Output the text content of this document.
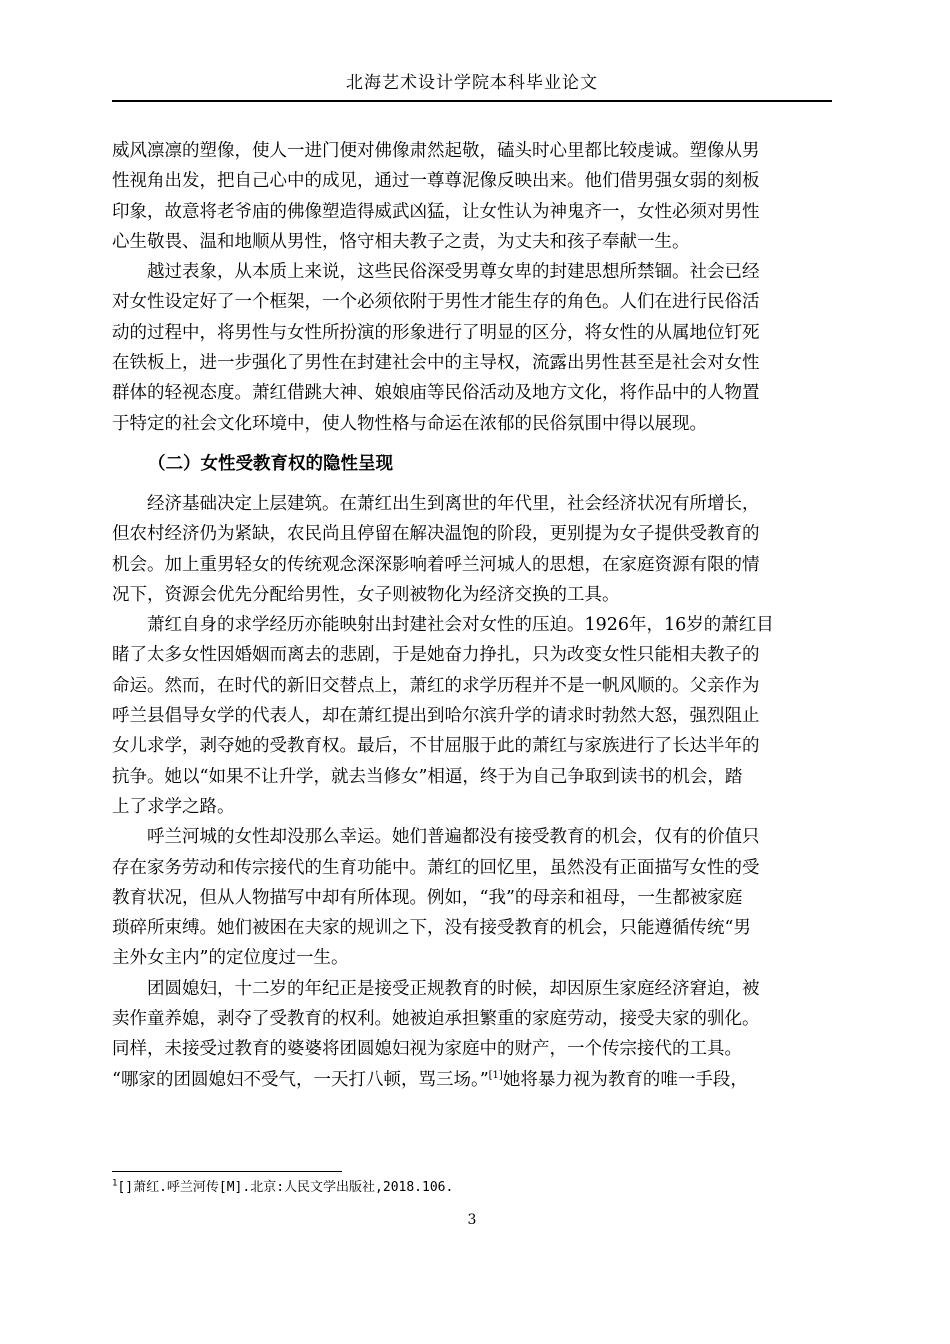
北海艺术设计学院本科毕业论文

威风凛凛的塑像，使人一进门便对佛像肃然起敬，磕头时心里都比较虔诚。塑像从男
性视角出发，把自己心中的成见，通过一尊尊泥像反映出来。他们借男强女弱的刻板
印象，故意将老爷庙的佛像塑造得威武凶猛，让女性认为神鬼齐一，女性必须对男性
心生敬畏、温和地顺从男性，恪守相夫教子之责，为丈夫和孩子奉献一生。

　　越过表象，从本质上来说，这些民俗深受男尊女卑的封建思想所禁锢。社会已经
对女性设定好了一个框架，一个必须依附于男性才能生存的角色。人们在进行民俗活
动的过程中，将男性与女性所扮演的形象进行了明显的区分，将女性的从属地位钉死
在铁板上，进一步强化了男性在封建社会中的主导权，流露出男性甚至是社会对女性
群体的轻视态度。萧红借跳大神、娘娘庙等民俗活动及地方文化，将作品中的人物置
于特定的社会文化环境中，使人物性格与命运在浓郁的民俗氛围中得以展现。

（二）女性受教育权的隐性呈现

　　经济基础决定上层建筑。在萧红出生到离世的年代里，社会经济状况有所增长，
但农村经济仍为紧缺，农民尚且停留在解决温饱的阶段，更别提为女子提供受教育的
机会。加上重男轻女的传统观念深深影响着呼兰河城人的思想，在家庭资源有限的情
况下，资源会优先分配给男性，女子则被物化为经济交换的工具。

　　萧红自身的求学经历亦能映射出封建社会对女性的压迫。1926年，16岁的萧红目
睹了太多女性因婚姻而离去的悲剧，于是她奋力挣扎，只为改变女性只能相夫教子的
命运。然而，在时代的新旧交替点上，萧红的求学历程并不是一帆风顺的。父亲作为
呼兰县倡导女学的代表人，却在萧红提出到哈尔滨升学的请求时勃然大怒，强烈阻止
女儿求学，剥夺她的受教育权。最后，不甘屈服于此的萧红与家族进行了长达半年的
抗争。她以“如果不让升学，就去当修女”相逼，终于为自己争取到读书的机会，踏
上了求学之路。

　　呼兰河城的女性却没那么幸运。她们普遍都没有接受教育的机会，仅有的价值只
存在家务劳动和传宗接代的生育功能中。萧红的回忆里，虽然没有正面描写女性的受
教育状况，但从人物描写中却有所体现。例如，“我”的母亲和祖母，一生都被家庭
琐碎所束缚。她们被困在夫家的规训之下，没有接受教育的机会，只能遵循传统“男
主外女主内”的定位度过一生。

　　团圆媳妇，十二岁的年纪正是接受正规教育的时候，却因原生家庭经济窘迫，被
卖作童养媳，剥夺了受教育的权利。她被迫承担繁重的家庭劳动，接受夫家的驯化。
同样，未接受过教育的婆婆将团圆媳妇视为家庭中的财产，一个传宗接代的工具。

“哪家的团圆媳妇不受气，一天打八顿，骂三场。”[1]她将暴力视为教育的唯一手段，

$^1$[]萧红.呼兰河传[M].北京:人民文学出版社,2018.106.
3
